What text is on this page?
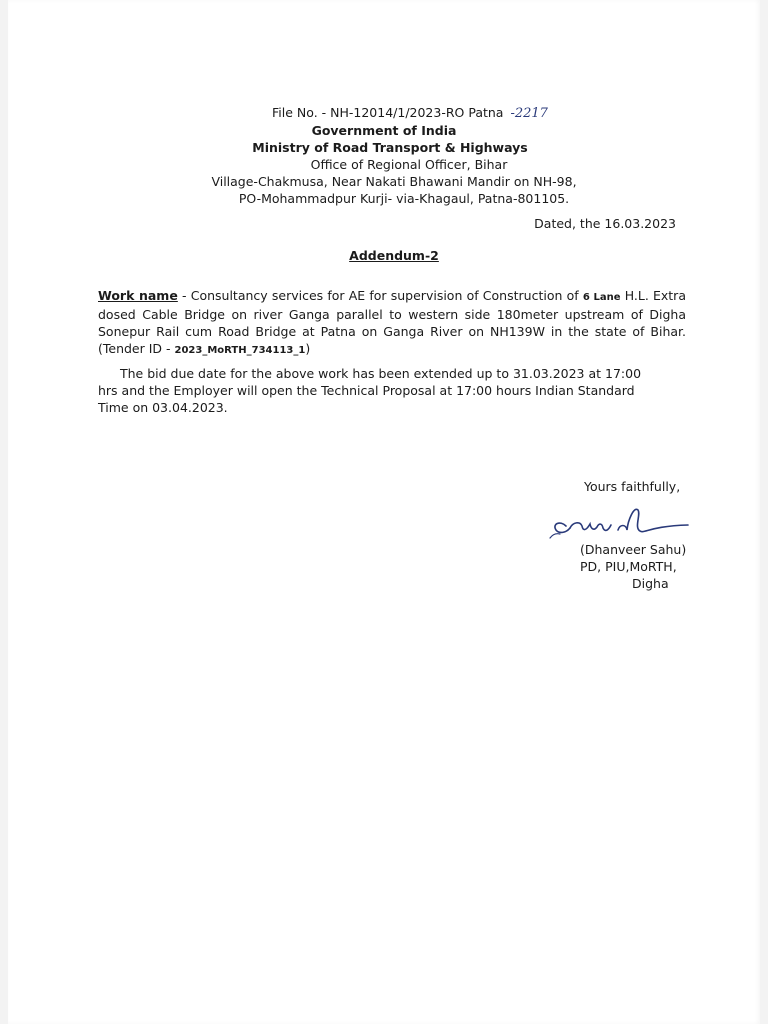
File No. - NH-12014/1/2023-RO Patna -2217
Government of India
Ministry of Road Transport & Highways
Office of Regional Officer, Bihar
Village-Chakmusa, Near Nakati Bhawani Mandir on NH-98,
PO-Mohammadpur Kurji- via-Khagaul, Patna-801105.
Dated, the 16.03.2023
Addendum-2

Work name - Consultancy services for AE for supervision of Construction of 6 Lane H.L. Extra dosed Cable Bridge on river Ganga parallel to western side 180meter upstream of Digha Sonepur Rail cum Road Bridge at Patna on Ganga River on NH139W in the state of Bihar. (Tender ID - 2023_MoRTH_734113_1)

The bid due date for the above work has been extended up to 31.03.2023 at 17:00 hrs and the Employer will open the Technical Proposal at 17:00 hours Indian Standard Time on 03.04.2023.

Yours faithfully,
(Dhanveer Sahu)
PD, PIU,MoRTH,
Digha
